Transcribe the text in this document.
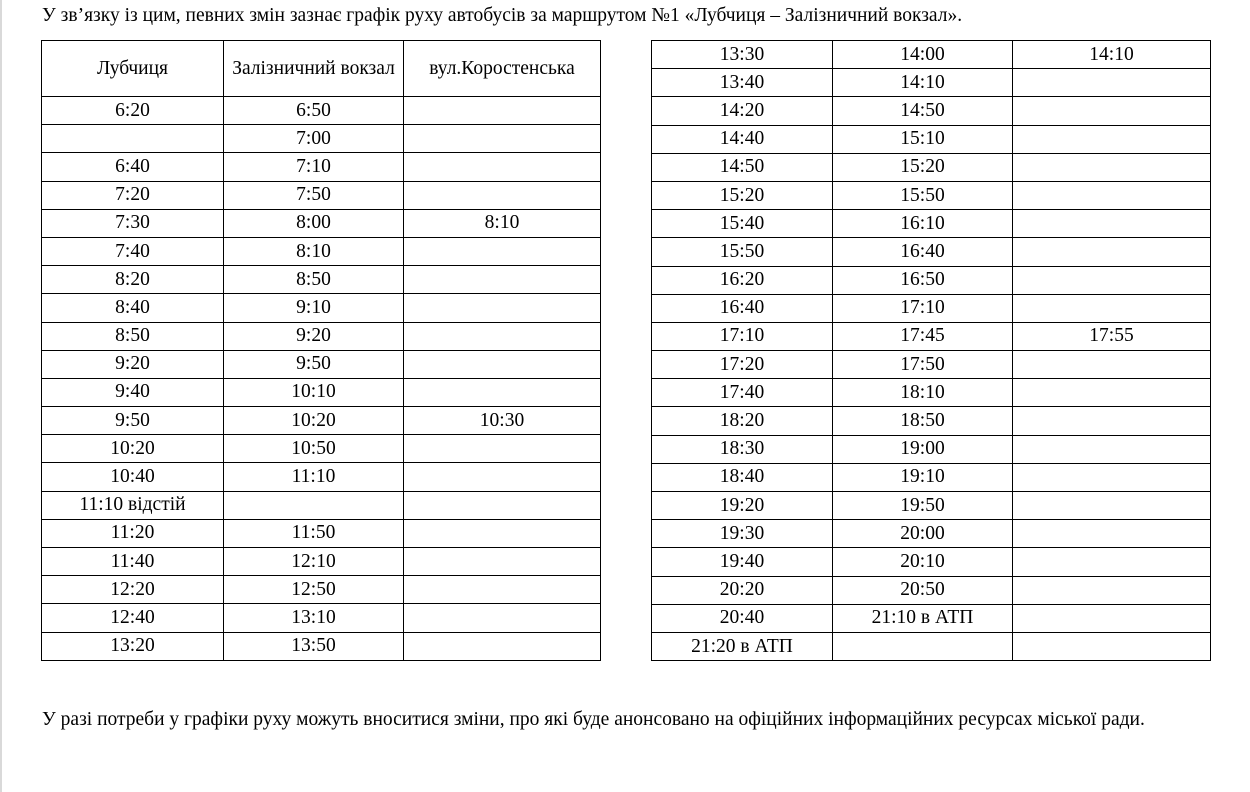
У зв’язку із цим, певних змін зазнає графік руху автобусів за маршрутом №1 «Лубчиця – Залізничний вокзал».
Лубчиця	Залізничний вокзал	вул.Коростенська
6:20	6:50	
	7:00	
6:40	7:10	
7:20	7:50	
7:30	8:00	8:10
7:40	8:10	
8:20	8:50	
8:40	9:10	
8:50	9:20	
9:20	9:50	
9:40	10:10	
9:50	10:20	10:30
10:20	10:50	
10:40	11:10	
11:10 відстій		
11:20	11:50	
11:40	12:10	
12:20	12:50	
12:40	13:10	
13:20	13:50	
13:30	14:00	14:10
13:40	14:10	
14:20	14:50	
14:40	15:10	
14:50	15:20	
15:20	15:50	
15:40	16:10	
15:50	16:40	
16:20	16:50	
16:40	17:10	
17:10	17:45	17:55
17:20	17:50	
17:40	18:10	
18:20	18:50	
18:30	19:00	
18:40	19:10	
19:20	19:50	
19:30	20:00	
19:40	20:10	
20:20	20:50	
20:40	21:10 в АТП	
21:20 в АТП		
У разі потреби у графіки руху можуть вноситися зміни, про які буде анонсовано на офіційних інформаційних ресурсах міської ради.
